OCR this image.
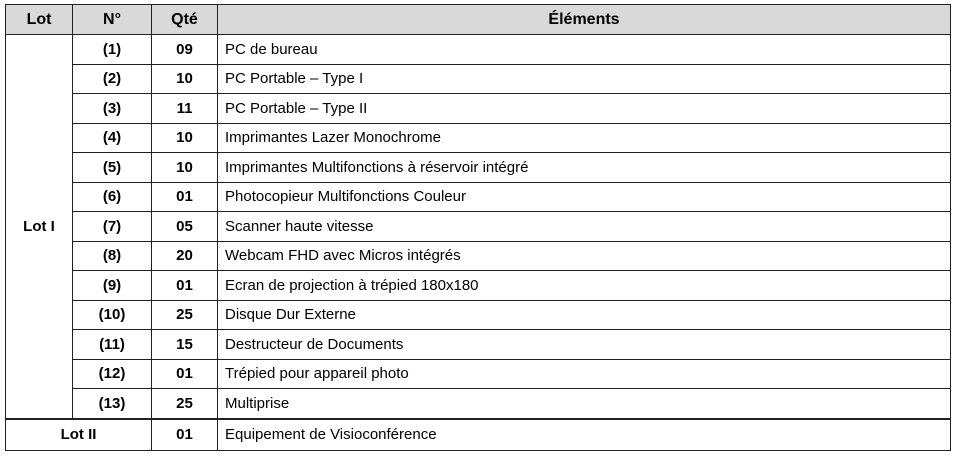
Lot	N°	Qté	Éléments
Lot I	(1)	09	PC de bureau
	(2)	10	PC Portable – Type I
	(3)	11	PC Portable – Type II
	(4)	10	Imprimantes Lazer Monochrome
	(5)	10	Imprimantes Multifonctions à réservoir intégré
	(6)	01	Photocopieur Multifonctions Couleur
	(7)	05	Scanner haute vitesse
	(8)	20	Webcam FHD avec Micros intégrés
	(9)	01	Ecran de projection à trépied 180x180
	(10)	25	Disque Dur Externe
	(11)	15	Destructeur de Documents
	(12)	01	Trépied pour appareil photo
	(13)	25	Multiprise
Lot II		01	Equipement de Visioconférence
